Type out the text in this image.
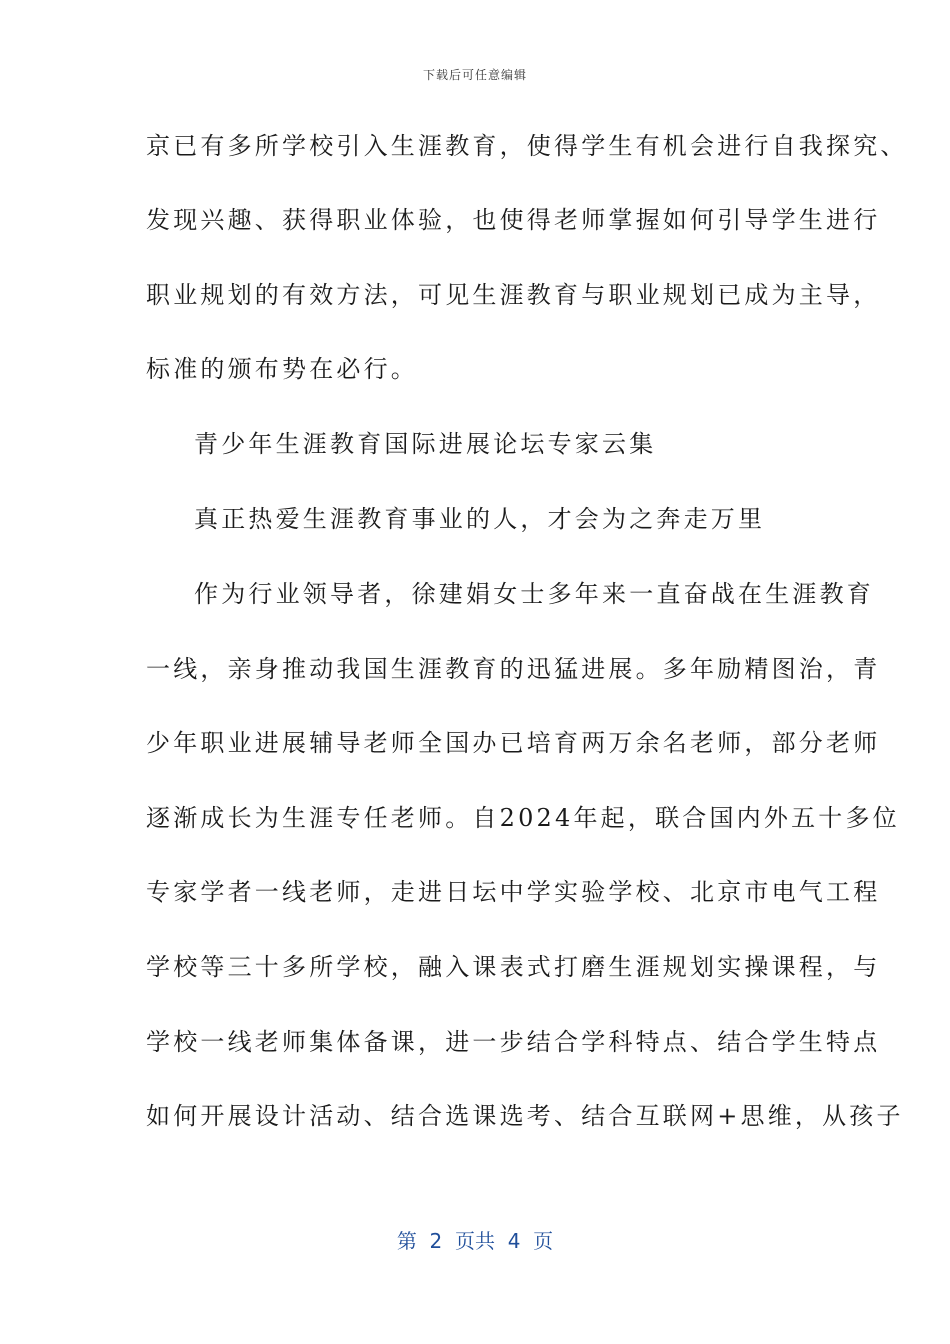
下载后可任意编辑
京已有多所学校引入生涯教育，使得学生有机会进行自我探究、
发现兴趣、获得职业体验，也使得老师掌握如何引导学生进行
职业规划的有效方法，可见生涯教育与职业规划已成为主导，
标准的颁布势在必行。
青少年生涯教育国际进展论坛专家云集
真正热爱生涯教育事业的人，才会为之奔走万里
作为行业领导者，徐建娟女士多年来一直奋战在生涯教育
一线，亲身推动我国生涯教育的迅猛进展。多年励精图治，青
少年职业进展辅导老师全国办已培育两万余名老师，部分老师
逐渐成长为生涯专任老师。自2024年起，联合国内外五十多位
专家学者一线老师，走进日坛中学实验学校、北京市电气工程
学校等三十多所学校，融入课表式打磨生涯规划实操课程，与
学校一线老师集体备课，进一步结合学科特点、结合学生特点
如何开展设计活动、结合选课选考、结合互联网+思维，从孩子
第  2  页共  4  页
